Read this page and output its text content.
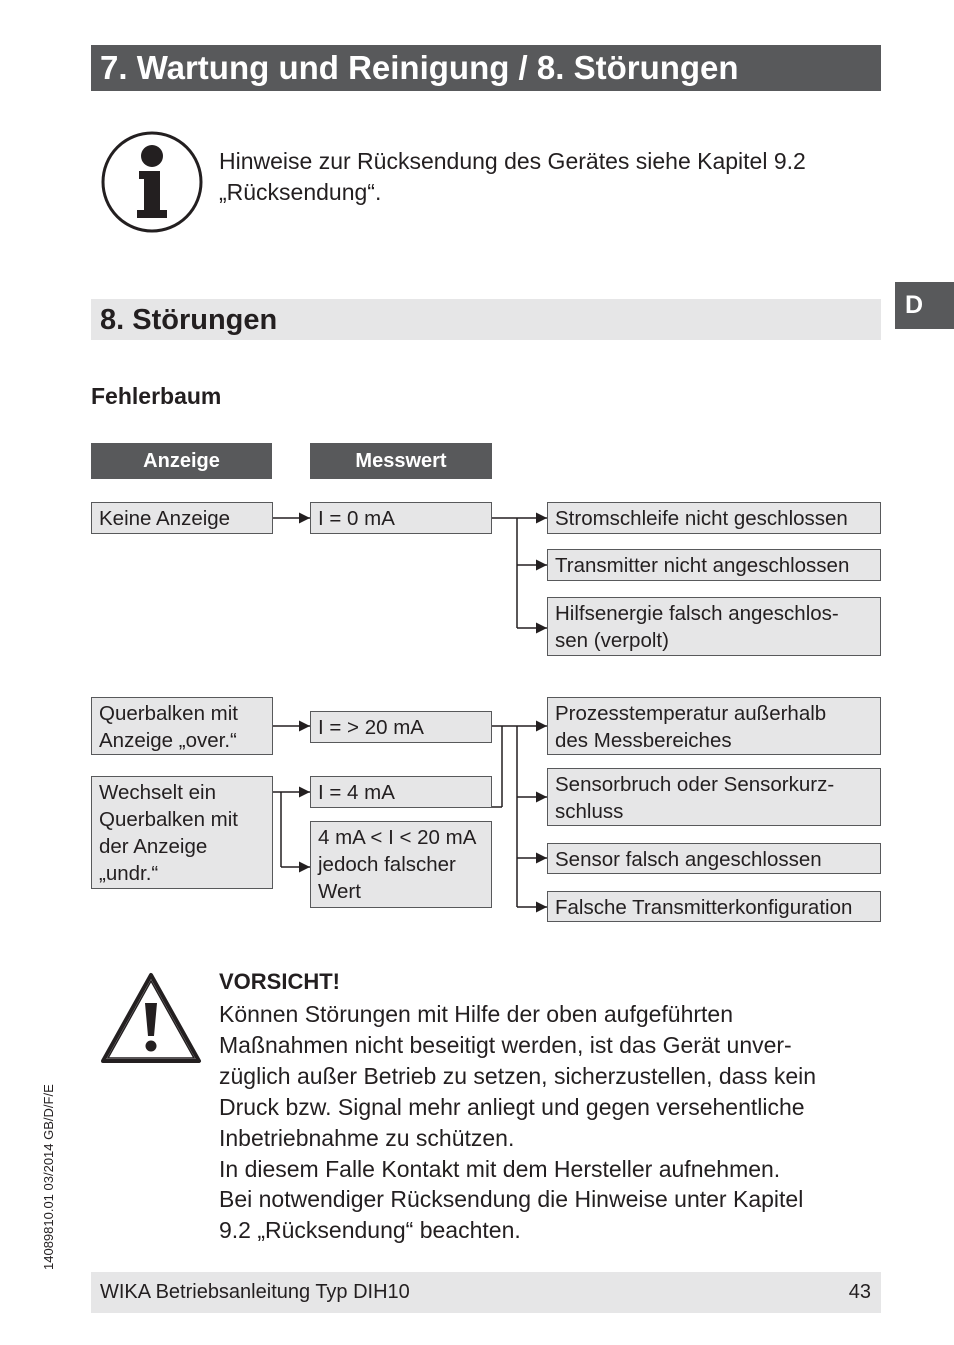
7. Wartung und Reinigung / 8. Störungen
D
Hinweise zur Rücksendung des Gerätes siehe Kapitel 9.2 „Rücksendung“.
8. Störungen
Fehlerbaum
Anzeige	Messwert
Keine Anzeige
Querbalken mit
Anzeige „over.“
Wechselt ein
Querbalken mit
der Anzeige
„undr.“
I = 0 mA
I = > 20 mA
I = 4 mA
4 mA < I < 20 mA
jedoch falscher
Wert
Stromschleife nicht geschlossen
Transmitter nicht angeschlossen
Hilfsenergie falsch angeschlos-
sen (verpolt)
Prozesstemperatur außerhalb
des Messbereiches
Sensorbruch oder Sensorkurz-
schluss
Sensor falsch angeschlossen
Falsche Transmitterkonfiguration
VORSICHT!
Können Störungen mit Hilfe der oben aufgeführten
Maßnahmen nicht beseitigt werden, ist das Gerät unver-
züglich außer Betrieb zu setzen, sicherzustellen, dass kein
Druck bzw. Signal mehr anliegt und gegen versehentliche
Inbetriebnahme zu schützen.
In diesem Falle Kontakt mit dem Hersteller aufnehmen.
Bei notwendiger Rücksendung die Hinweise unter Kapitel
9.2 „Rücksendung“ beachten.
14089810.01 03/2014 GB/D/F/E
WIKA Betriebsanleitung Typ DIH10	43
